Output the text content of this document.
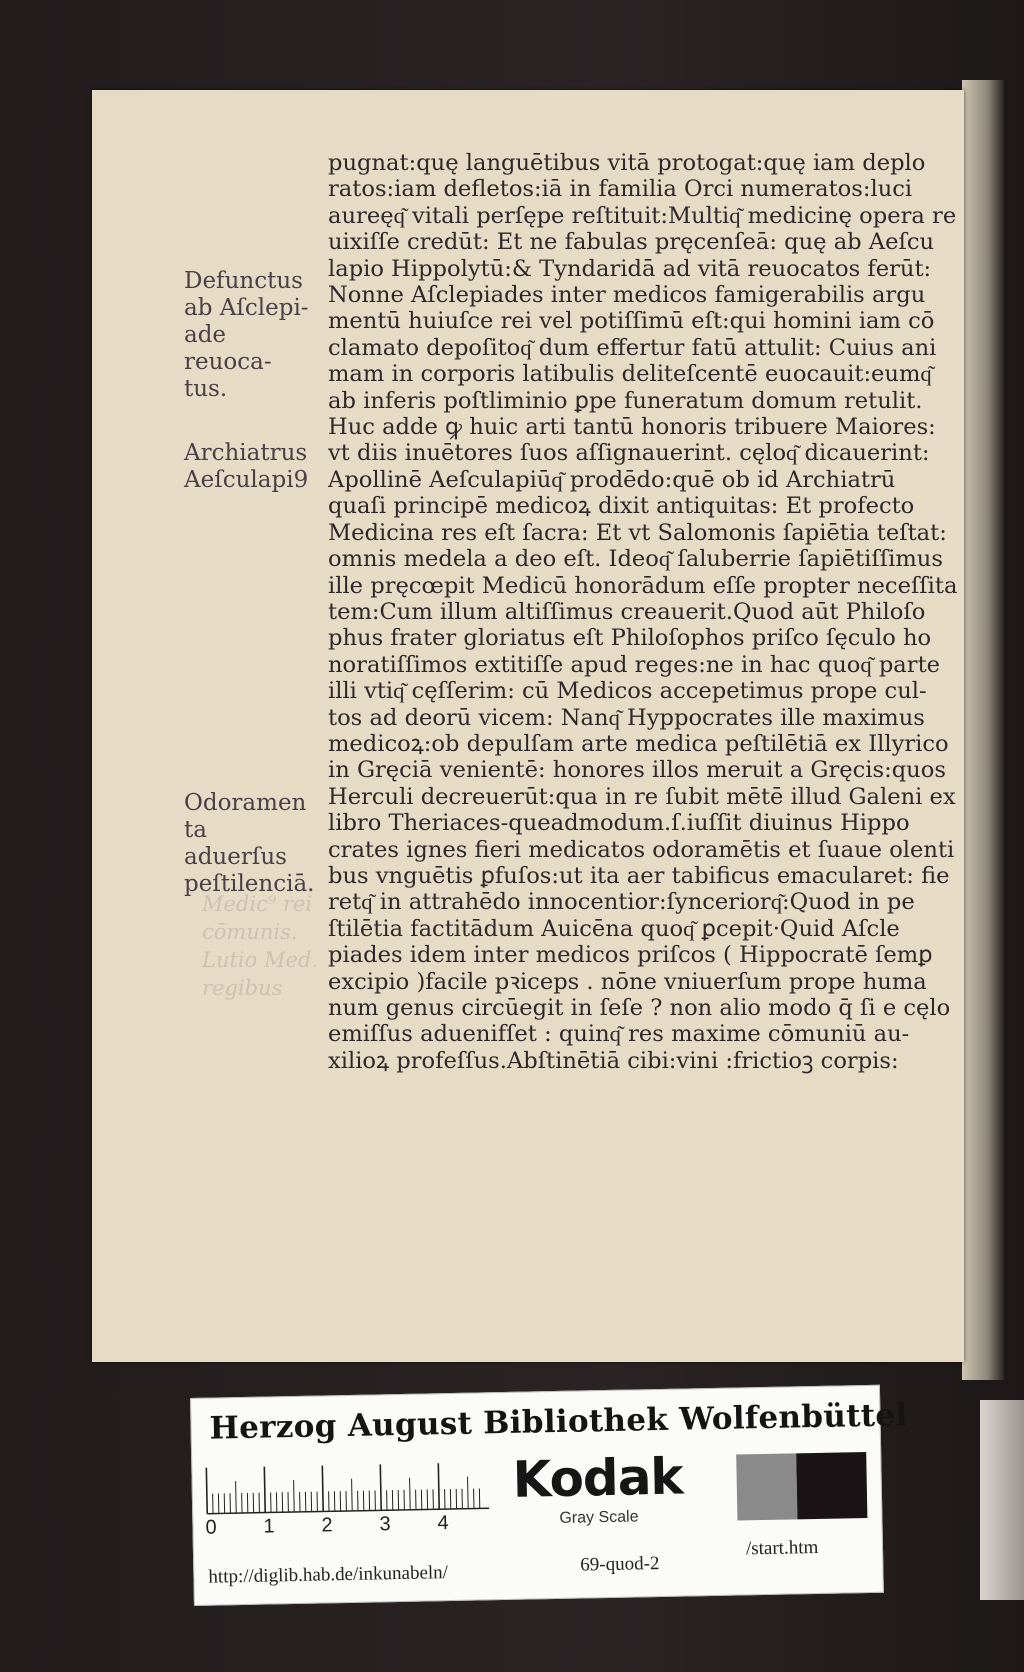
Medic⁹ rei
cōmunis.
Lutio Med.
regibus
Defunctus
ab Aſclepi-
ade reuoca-
tus.
Archiatrus
Aeſculapi9
Odoramen
ta aduerſus
peſtilenciā.
pugnat:quę languētibus vitā protogat:quę iam deplo
ratos:iam defletos:iā in familia Orci numeratos:luci
aureęq͂ vitali perſępe reſtituit:Multiq͂ medicinę opera re
uixiſſe credūt: Et ne fabulas pręcenſeā: quę ab Aeſcu
lapio Hippolytū:& Tyndaridā ad vitā reuocatos ferūt:
Nonne Aſclepiades inter medicos famigerabilis argu
mentū huiuſce rei vel potiſſimū eſt:qui homini iam cō
clamato depoſitoq͂ dum effertur fatū attulit: Cuius ani
mam in corporis latibulis deliteſcentē euocauit:eumq͂
ab inferis poſtliminio ꝑpe funeratum domum retulit.
Huc adde ꝙ huic arti tantū honoris tribuere Maiores:
vt diis inuētores ſuos aſſignauerint. cęloq͂ dicauerint:
Apollinē Aeſculapiūq͂ prodēdo:quē ob id Archiatrū
quaſi principē medicoꝝ dixit antiquitas: Et profecto
Medicina res eſt ſacra: Et vt Salomonis ſapiētia teſtat:
omnis medela a deo eſt. Ideoq͂ ſaluberrie ſapiētiſſimus
ille pręcœpit Medicū honorādum eſſe propter neceſſita
tem:Cum illum altiſſimus creauerit.Quod aūt Philoſo
phus frater gloriatus eſt Philoſophos priſco ſęculo ho
noratiſſimos extitiſſe apud reges:ne in hac quoq͂ parte
illi vtiq͂ cęſſerim: cū Medicos accepetimus prope cul-
tos ad deorū vicem: Nanq͂ Hyppocrates ille maximus
medicoꝝ:ob depulſam arte medica peſtilētiā ex Illyrico
in Gręciā venientē: honores illos meruit a Gręcis:quos
Herculi decreuerūt:qua in re ſubit mētē illud Galeni ex
libro Theriaces-queadmodum.ſ.iuſſit diuinus Hippo
crates ignes fieri medicatos odoramētis et ſuaue olenti
bus vnguētis ꝑfuſos:ut ita aer tabificus emacularet: fie
retq͂ in attrahēdo innocentior:ſynceriorq͂:Quod in pe
ſtilētia factitādum Auicēna quoq͂ ꝑcepit·Quid Aſcle
piades idem inter medicos priſcos ( Hippocratē ſemꝑ
excipio )facile pꝛiceps . nōne vniuerſum prope huma
num genus circūegit in ſeſe ? non alio modo q̄ ſi e cęlo
emiſſus aduenifſet : quinq͂ res maxime cōmuniū au-
xilioꝝ profeſſus.Abſtinētiā cibi:vini :frictioꝫ corpis:
Herzog August Bibliothek Wolfenbüttel
0 1 2 3 4
Kodak
Gray Scale
http://diglib.hab.de/inkunabeln/	69-quod-2
/start.htm
